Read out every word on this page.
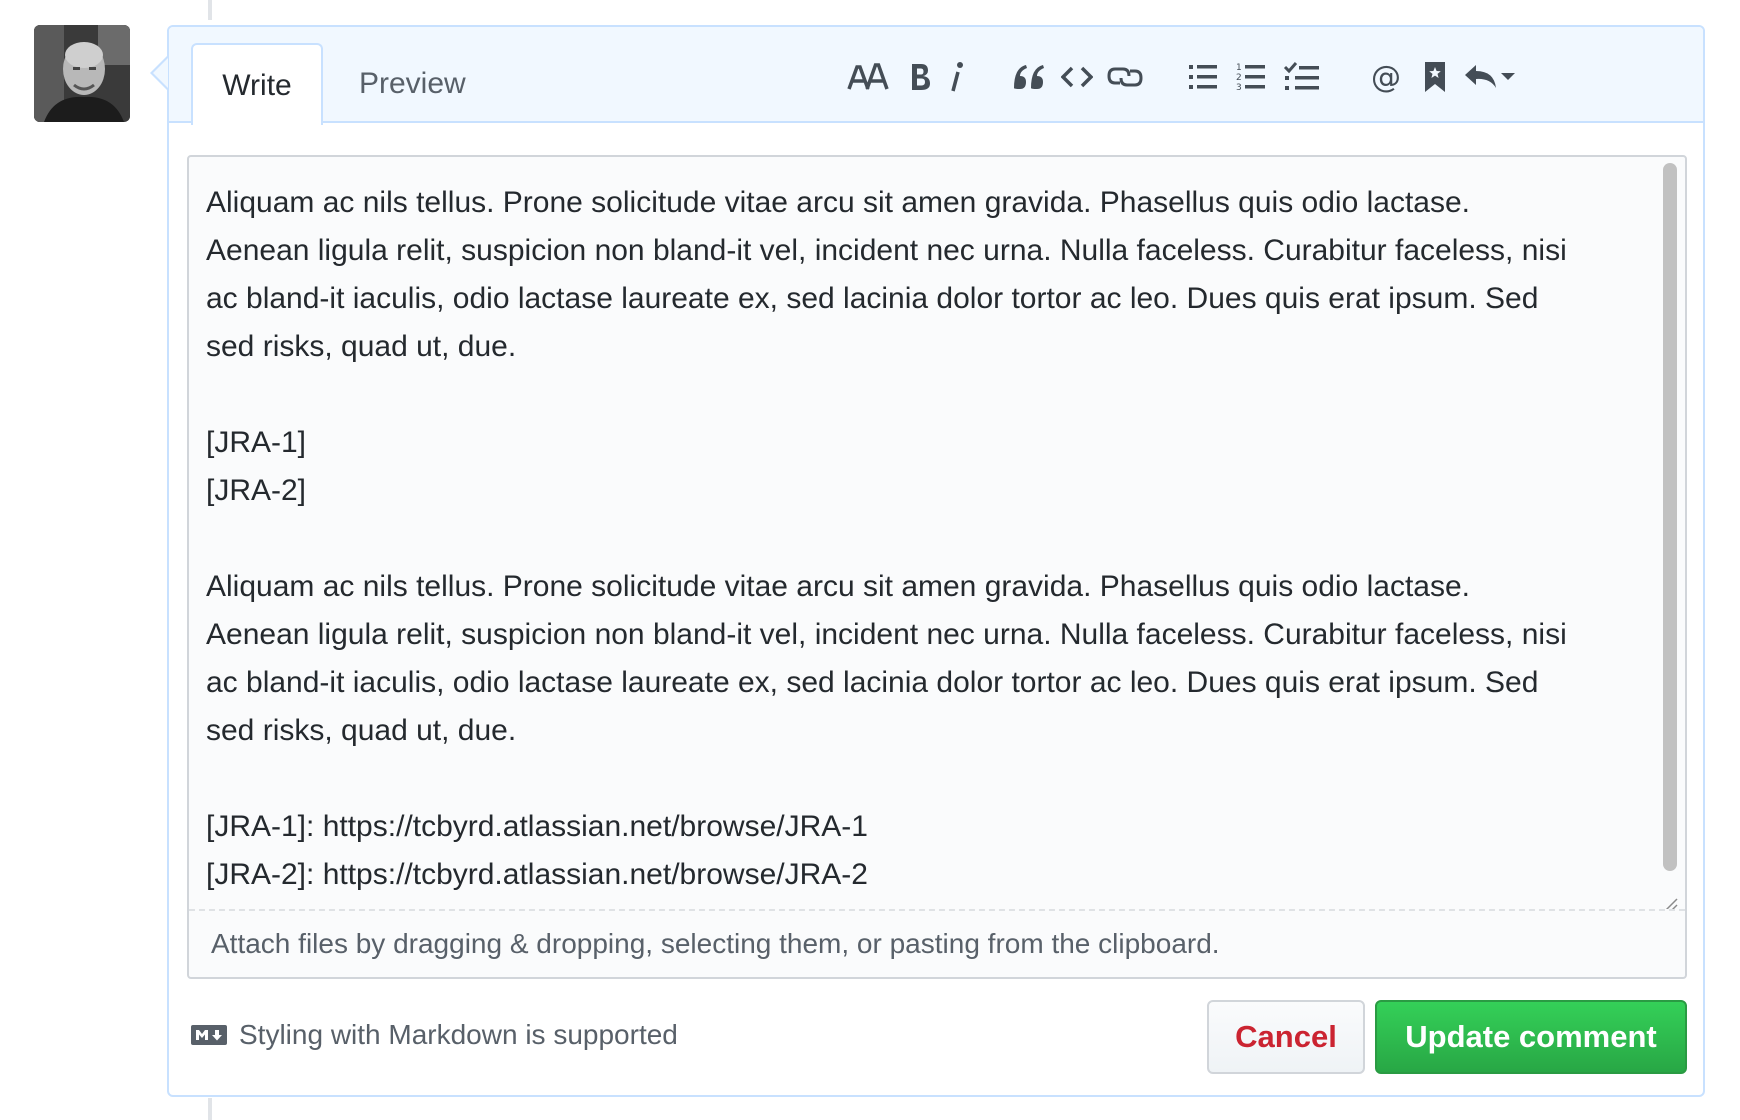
Write	Preview	1
2
3	@

Aliquam ac nils tellus. Prone solicitude vitae arcu sit amen gravida. Phasellus quis odio lactase.

Aenean ligula relit, suspicion non bland-it vel, incident nec urna. Nulla faceless. Curabitur faceless, nisi

ac bland-it iaculis, odio lactase laureate ex, sed lacinia dolor tortor ac leo. Dues quis erat ipsum. Sed

sed risks, quad ut, due.

[JRA-1]

[JRA-2]

Aliquam ac nils tellus. Prone solicitude vitae arcu sit amen gravida. Phasellus quis odio lactase.

Aenean ligula relit, suspicion non bland-it vel, incident nec urna. Nulla faceless. Curabitur faceless, nisi

ac bland-it iaculis, odio lactase laureate ex, sed lacinia dolor tortor ac leo. Dues quis erat ipsum. Sed

sed risks, quad ut, due.

[JRA-1]: https://tcbyrd.atlassian.net/browse/JRA-1

[JRA-2]: https://tcbyrd.atlassian.net/browse/JRA-2

Attach files by dragging & dropping, selecting them, or pasting from the clipboard.
Styling with Markdown is supported	Cancel	Update comment
